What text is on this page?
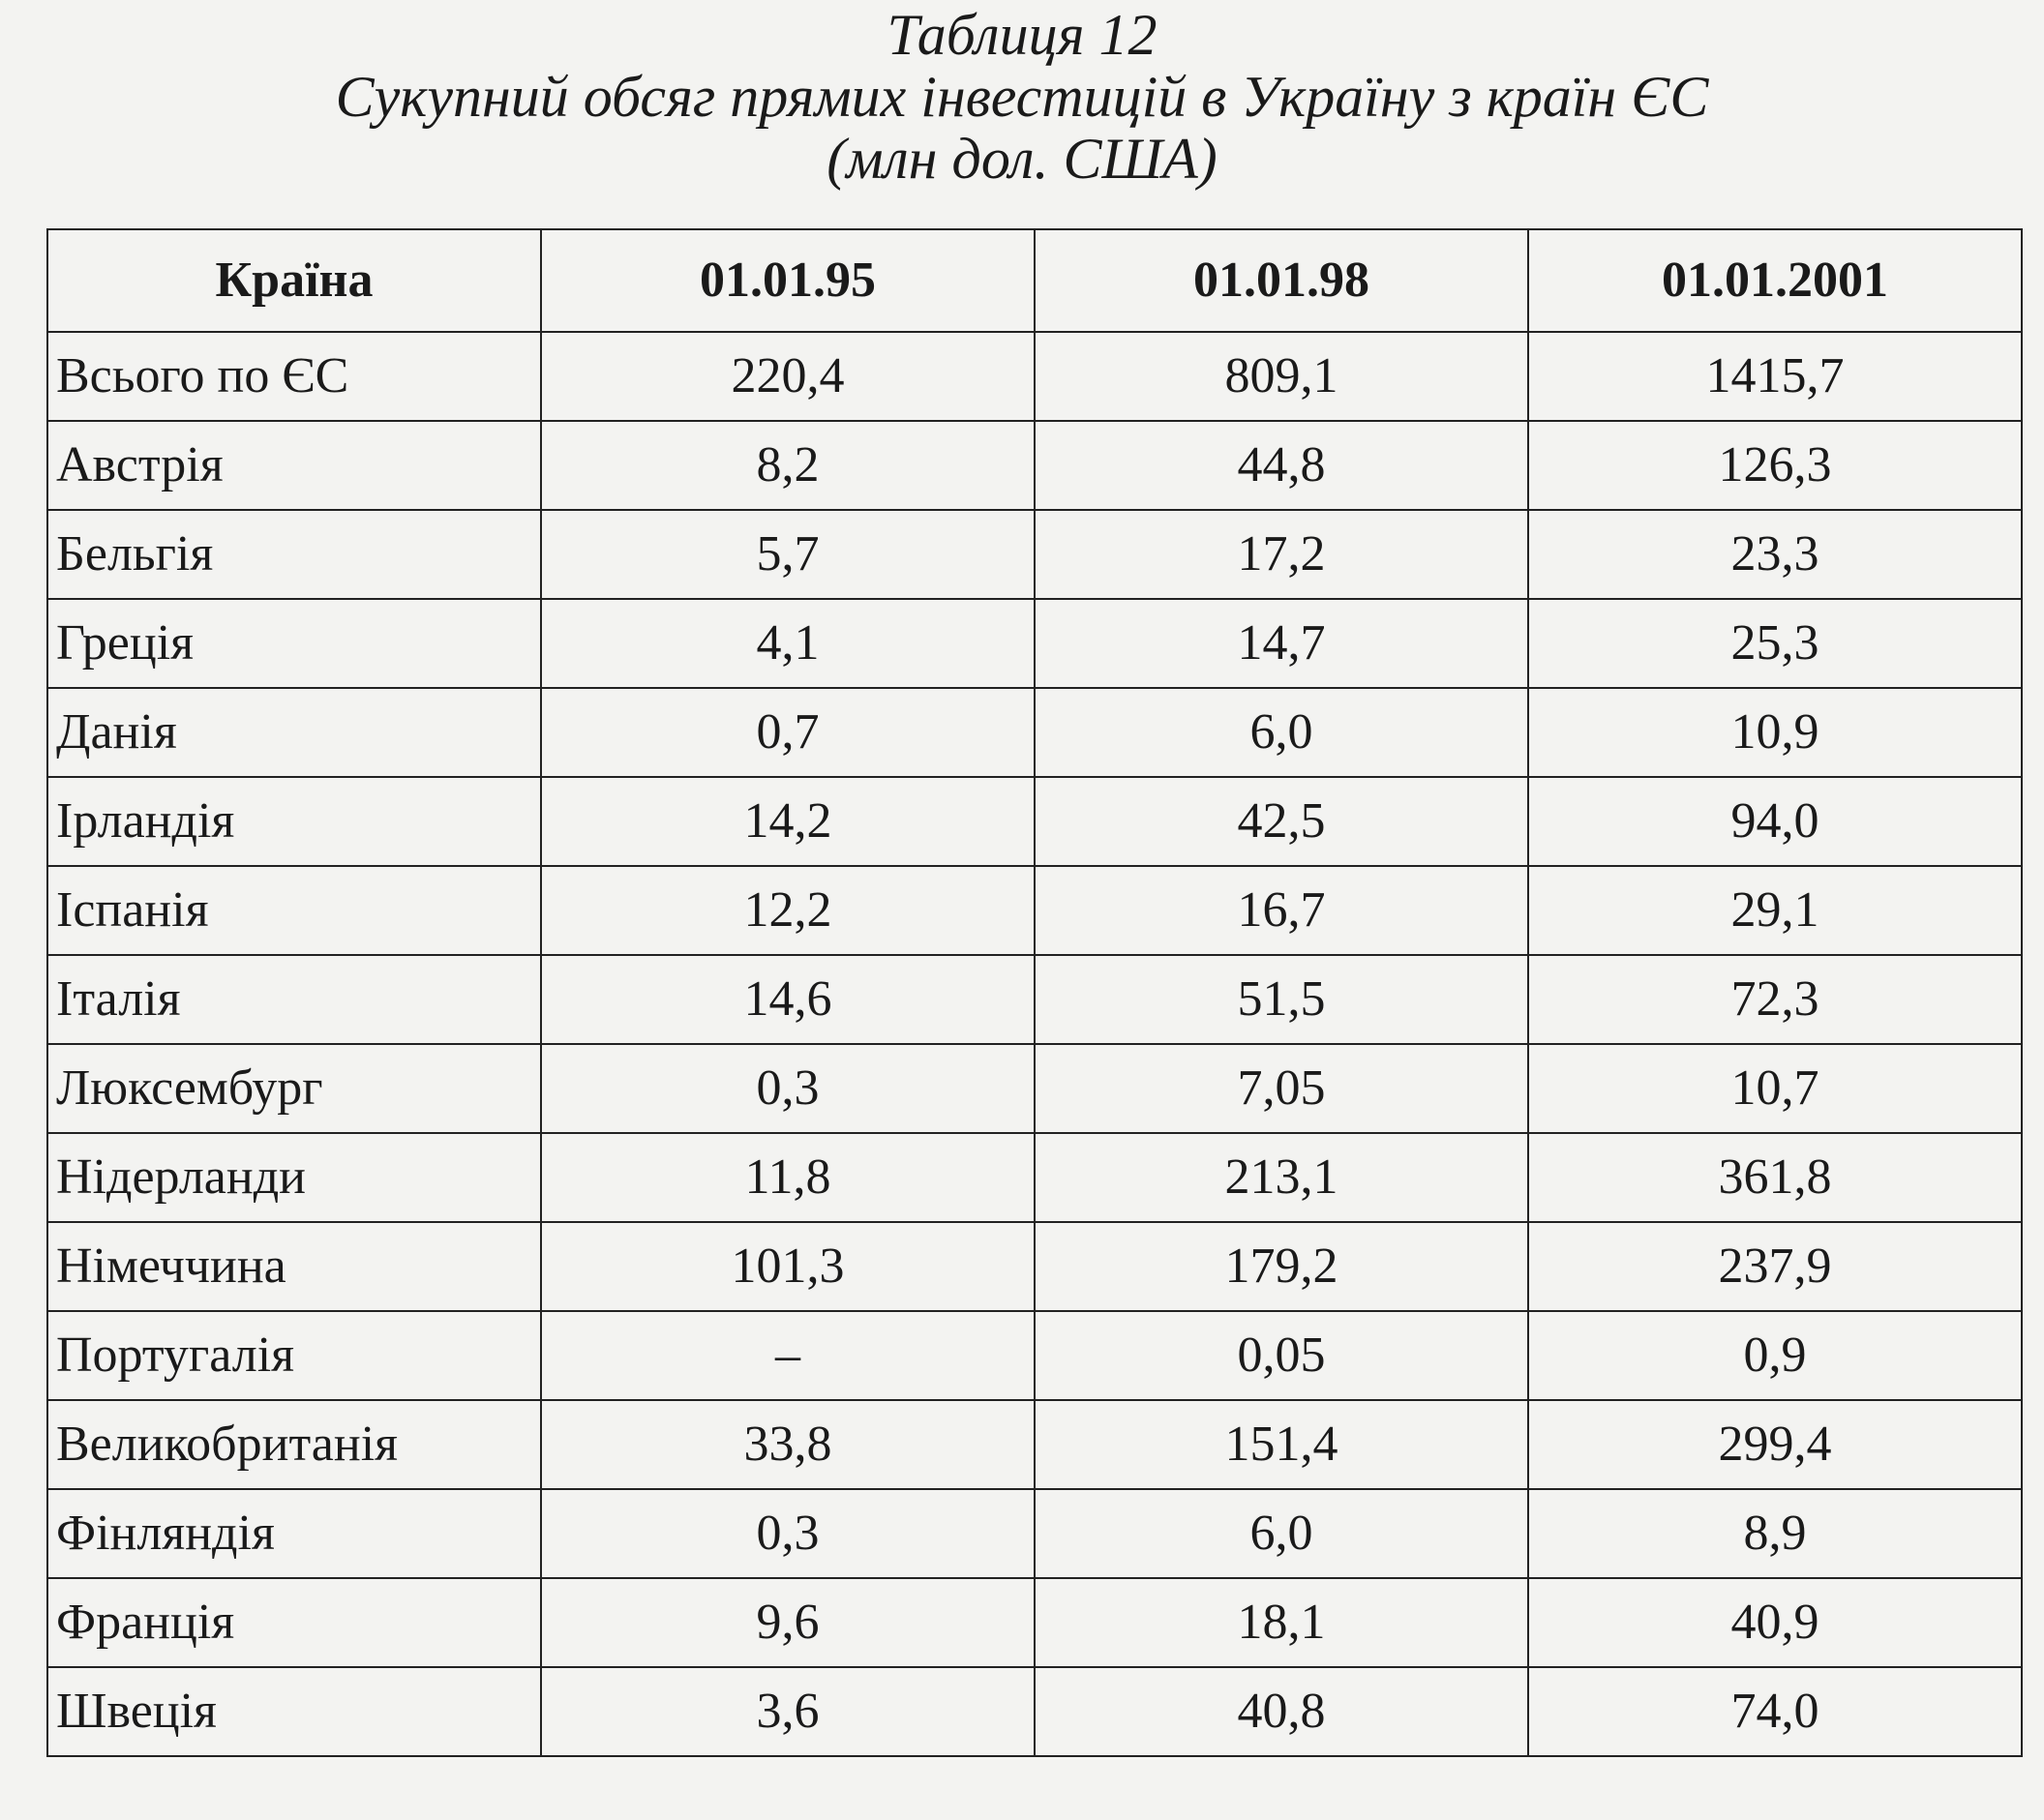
Таблиця 12

Сукупний обсяг прямих інвестицій в Україну з країн ЄС

(млн дол. США)

Країна	01.01.95	01.01.98	01.01.2001
Всього по ЄС	220,4	809,1	1415,7
Австрія	8,2	44,8	126,3
Бельгія	5,7	17,2	23,3
Греція	4,1	14,7	25,3
Данія	0,7	6,0	10,9
Ірландія	14,2	42,5	94,0
Іспанія	12,2	16,7	29,1
Італія	14,6	51,5	72,3
Люксембург	0,3	7,05	10,7
Нідерланди	11,8	213,1	361,8
Німеччина	101,3	179,2	237,9
Португалія	–	0,05	0,9
Великобританія	33,8	151,4	299,4
Фінляндія	0,3	6,0	8,9
Франція	9,6	18,1	40,9
Швеція	3,6	40,8	74,0
